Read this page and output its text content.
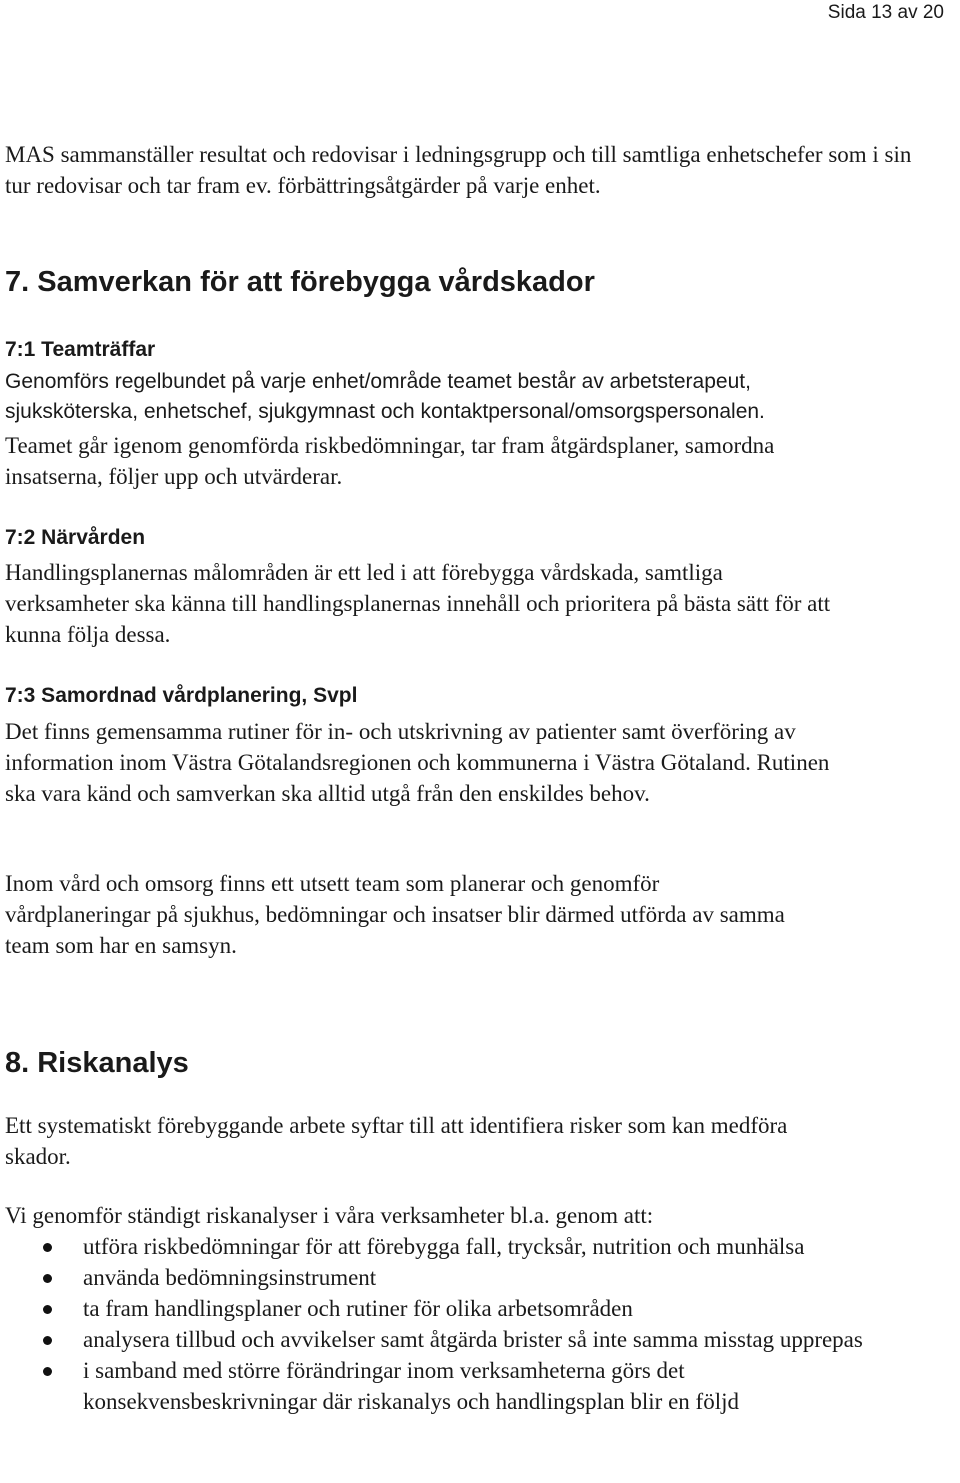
Sida 13 av 20

MAS sammanställer resultat och redovisar i ledningsgrupp och till samtliga enhetschefer som i sin tur redovisar och tar fram ev. förbättringsåtgärder på varje enhet.

7. Samverkan för att förebygga vårdskador
7:1 Teamträffar

Genomförs regelbundet på varje enhet/område teamet består av arbetsterapeut,

sjuksköterska, enhetschef, sjukgymnast och kontaktpersonal/omsorgspersonalen.

Teamet går igenom genomförda riskbedömningar, tar fram åtgärdsplaner, samordna insatserna, följer upp och utvärderar.

7:2 Närvården

Handlingsplanernas målområden är ett led i att förebygga vårdskada, samtliga verksamheter ska känna till handlingsplanernas innehåll och prioritera på bästa sätt för att kunna följa dessa.

7:3 Samordnad vårdplanering, Svpl

Det finns gemensamma rutiner för in- och utskrivning av patienter samt överföring av information inom Västra Götalandsregionen och kommunerna i Västra Götaland. Rutinen ska vara känd och samverkan ska alltid utgå från den enskildes behov.

Inom vård och omsorg finns ett utsett team som planerar och genomför vårdplaneringar på sjukhus, bedömningar och insatser blir därmed utförda av samma team som har en samsyn.

8. Riskanalys

Ett systematiskt förebyggande arbete syftar till att identifiera risker som kan medföra skador.

Vi genomför ständigt riskanalyser i våra verksamheter bl.a. genom att:

utföra riskbedömningar för att förebygga fall, trycksår, nutrition och munhälsa
använda bedömningsinstrument
ta fram handlingsplaner och rutiner för olika arbetsområden
analysera tillbud och avvikelser samt åtgärda brister så inte samma misstag upprepas
i samband med större förändringar inom verksamheterna görs det konsekvensbeskrivningar där riskanalys och handlingsplan blir en följd
